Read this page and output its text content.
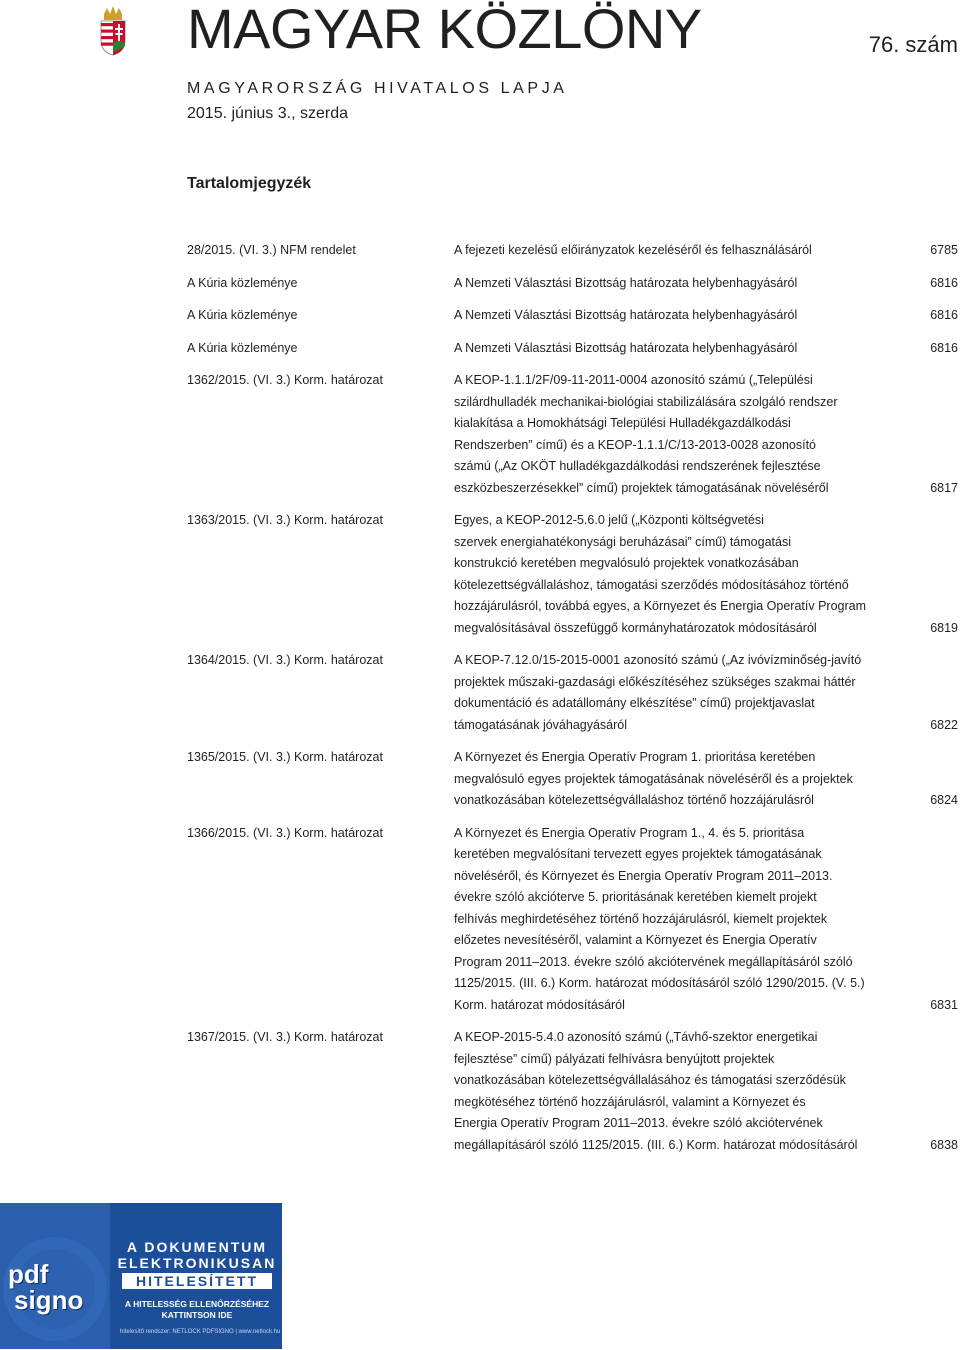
MAGYAR KÖZLÖNY	76. szám
MAGYARORSZÁG HIVATALOS LAPJA
2015. június 3., szerda
Tartalomjegyzék
28/2015. (VI. 3.) NFM rendelet	A fejezeti kezelésű előirányzatok kezeléséről és felhasználásáról	6785
A Kúria közleménye	A Nemzeti Választási Bizottság határozata helybenhagyásáról	6816
A Kúria közleménye	A Nemzeti Választási Bizottság határozata helybenhagyásáról	6816
A Kúria közleménye	A Nemzeti Választási Bizottság határozata helybenhagyásáról	6816
1362/2015. (VI. 3.) Korm. határozat	A KEOP-1.1.1/2F/09-11-2011-0004 azonosító számú („Települési
szilárdhulladék mechanikai-biológiai stabilizálására szolgáló rendszer
kialakítása a Homokhátsági Települési Hulladékgazdálkodási
Rendszerben” című) és a KEOP-1.1.1/C/13-2013-0028 azonosító
számú („Az OKÖT hulladékgazdálkodási rendszerének fejlesztése
eszközbeszerzésekkel” című) projektek támogatásának növeléséről	6817
1363/2015. (VI. 3.) Korm. határozat	Egyes, a KEOP-2012-5.6.0 jelű („Központi költségvetési
szervek energiahatékonysági beruházásai” című) támogatási
konstrukció keretében megvalósuló projektek vonatkozásában
kötelezettségvállaláshoz, támogatási szerződés módosításához történő
hozzájárulásról, továbbá egyes, a Környezet és Energia Operatív Program
megvalósításával összefüggő kormányhatározatok módosításáról	6819
1364/2015. (VI. 3.) Korm. határozat	A KEOP-7.12.0/15-2015-0001 azonosító számú („Az ivóvízminőség-javító
projektek műszaki-gazdasági előkészítéséhez szükséges szakmai háttér
dokumentáció és adatállomány elkészítése” című) projektjavaslat
támogatásának jóváhagyásáról	6822
1365/2015. (VI. 3.) Korm. határozat	A Környezet és Energia Operatív Program 1. prioritása keretében
megvalósuló egyes projektek támogatásának növeléséről és a projektek
vonatkozásában kötelezettségvállaláshoz történő hozzájárulásról	6824
1366/2015. (VI. 3.) Korm. határozat	A Környezet és Energia Operatív Program 1., 4. és 5. prioritása
keretében megvalósítani tervezett egyes projektek támogatásának
növeléséről, és Környezet és Energia Operatív Program 2011–2013.
évekre szóló akcióterve 5. prioritásának keretében kiemelt projekt
felhívás meghirdetéséhez történő hozzájárulásról, kiemelt projektek
előzetes nevesítéséről, valamint a Környezet és Energia Operatív
Program 2011–2013. évekre szóló akciótervének megállapításáról szóló
1125/2015. (III. 6.) Korm. határozat módosításáról szóló 1290/2015. (V. 5.)
Korm. határozat módosításáról	6831
1367/2015. (VI. 3.) Korm. határozat	A KEOP-2015-5.4.0 azonosító számú („Távhő-szektor energetikai
fejlesztése” című) pályázati felhívásra benyújtott projektek
vonatkozásában kötelezettségvállalásához és támogatási szerződésük
megkötéséhez történő hozzájárulásról, valamint a Környezet és
Energia Operatív Program 2011–2013. évekre szóló akciótervének
megállapításáról szóló 1125/2015. (III. 6.) Korm. határozat módosításáról	6838
pdf
signo
A DOKUMENTUM
ELEKTRONIKUSAN
HITELESÍTETT
A HITELESSÉG ELLENŐRZÉSÉHEZ KATTINTSON IDE
hitelesítő rendszer: NETLOCK PDFSIGNO | www.netlock.hu
